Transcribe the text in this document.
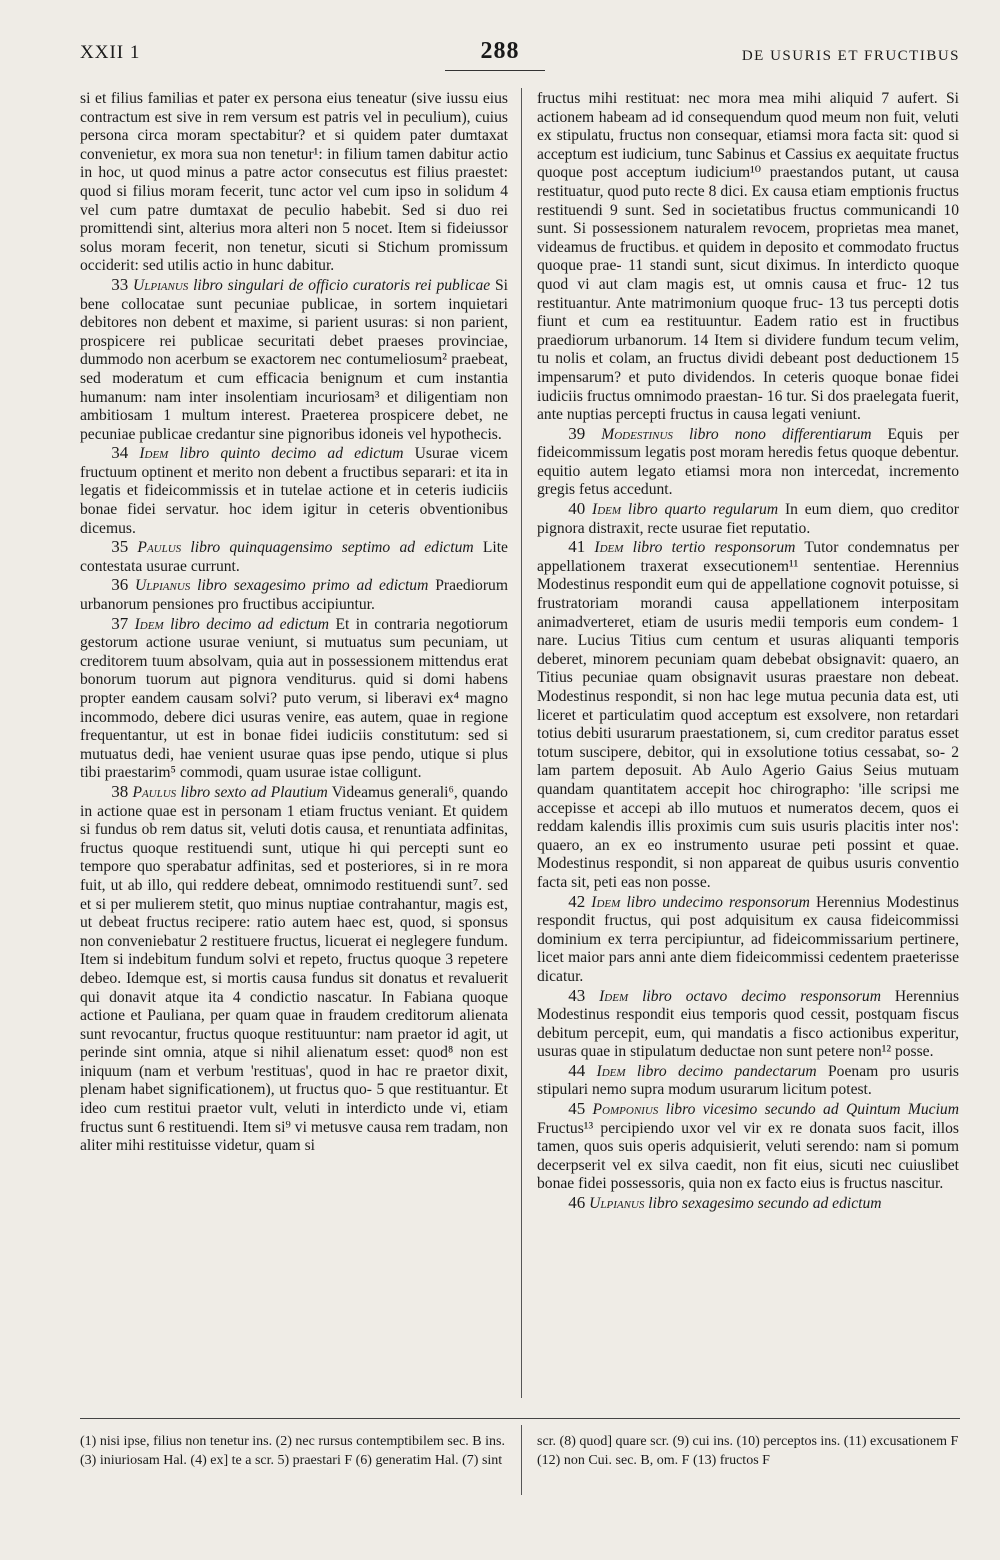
XXII 1	288	DE USURIS ET FRUCTIBUS

si et filius familias et pater ex persona eius teneatur (sive iussu eius contractum est sive in rem versum est patris vel in peculium), cuius persona circa moram spectabitur? et si quidem pater dumtaxat convenietur, ex mora sua non tenetur¹: in filium tamen dabitur actio in hoc, ut quod minus a patre actor consecutus est filius praestet: quod si filius moram fecerit, tunc actor vel cum ipso in solidum 4 vel cum patre dumtaxat de peculio habebit. Sed si duo rei promittendi sint, alterius mora alteri non 5 nocet. Item si fideiussor solus moram fecerit, non tenetur, sicuti si Stichum promissum occiderit: sed utilis actio in hunc dabitur.

33 Ulpianus libro singulari de officio curatoris rei publicae Si bene collocatae sunt pecuniae publicae, in sortem inquietari debitores non debent et maxime, si parient usuras: si non parient, prospicere rei publicae securitati debet praeses provinciae, dummodo non acerbum se exactorem nec contumeliosum² praebeat, sed moderatum et cum efficacia benignum et cum instantia humanum: nam inter insolentiam incuriosam³ et diligentiam non ambitiosam 1 multum interest. Praeterea prospicere debet, ne pecuniae publicae credantur sine pignoribus idoneis vel hypothecis.

34 Idem libro quinto decimo ad edictum Usurae vicem fructuum optinent et merito non debent a fructibus separari: et ita in legatis et fideicommissis et in tutelae actione et in ceteris iudiciis bonae fidei servatur. hoc idem igitur in ceteris obventionibus dicemus.

35 Paulus libro quinquagensimo septimo ad edictum Lite contestata usurae currunt.

36 Ulpianus libro sexagesimo primo ad edictum Praediorum urbanorum pensiones pro fructibus accipiuntur.

37 Idem libro decimo ad edictum Et in contraria negotiorum gestorum actione usurae veniunt, si mutuatus sum pecuniam, ut creditorem tuum absolvam, quia aut in possessionem mittendus erat bonorum tuorum aut pignora venditurus. quid si domi habens propter eandem causam solvi? puto verum, si liberavi ex⁴ magno incommodo, debere dici usuras venire, eas autem, quae in regione frequentantur, ut est in bonae fidei iudiciis constitutum: sed si mutuatus dedi, hae venient usurae quas ipse pendo, utique si plus tibi praestarim⁵ commodi, quam usurae istae colligunt.

38 Paulus libro sexto ad Plautium Videamus generali⁶, quando in actione quae est in personam 1 etiam fructus veniant. Et quidem si fundus ob rem datus sit, veluti dotis causa, et renuntiata adfinitas, fructus quoque restituendi sunt, utique hi qui percepti sunt eo tempore quo sperabatur adfinitas, sed et posteriores, si in re mora fuit, ut ab illo, qui reddere debeat, omnimodo restituendi sunt⁷. sed et si per mulierem stetit, quo minus nuptiae contrahantur, magis est, ut debeat fructus recipere: ratio autem haec est, quod, si sponsus non conveniebatur 2 restituere fructus, licuerat ei neglegere fundum. Item si indebitum fundum solvi et repeto, fructus quoque 3 repetere debeo. Idemque est, si mortis causa fundus sit donatus et revaluerit qui donavit atque ita 4 condictio nascatur. In Fabiana quoque actione et Pauliana, per quam quae in fraudem creditorum alienata sunt revocantur, fructus quoque restituuntur: nam praetor id agit, ut perinde sint omnia, atque si nihil alienatum esset: quod⁸ non est iniquum (nam et verbum 'restituas', quod in hac re praetor dixit, plenam habet significationem), ut fructus quo- 5 que restituantur. Et ideo cum restitui praetor vult, veluti in interdicto unde vi, etiam fructus sunt 6 restituendi. Item si⁹ vi metusve causa rem tradam, non aliter mihi restituisse videtur, quam si

fructus mihi restituat: nec mora mea mihi aliquid 7 aufert. Si actionem habeam ad id consequendum quod meum non fuit, veluti ex stipulatu, fructus non consequar, etiamsi mora facta sit: quod si acceptum est iudicium, tunc Sabinus et Cassius ex aequitate fructus quoque post acceptum iudicium¹⁰ praestandos putant, ut causa restituatur, quod puto recte 8 dici. Ex causa etiam emptionis fructus restituendi 9 sunt. Sed in societatibus fructus communicandi 10 sunt. Si possessionem naturalem revocem, proprietas mea manet, videamus de fructibus. et quidem in deposito et commodato fructus quoque prae- 11 standi sunt, sicut diximus. In interdicto quoque quod vi aut clam magis est, ut omnis causa et fruc- 12 tus restituantur. Ante matrimonium quoque fruc- 13 tus percepti dotis fiunt et cum ea restituuntur. Eadem ratio est in fructibus praediorum urbanorum. 14 Item si dividere fundum tecum velim, tu nolis et colam, an fructus dividi debeant post deductionem 15 impensarum? et puto dividendos. In ceteris quoque bonae fidei iudiciis fructus omnimodo praestan- 16 tur. Si dos praelegata fuerit, ante nuptias percepti fructus in causa legati veniunt.

39 Modestinus libro nono differentiarum Equis per fideicommissum legatis post moram heredis fetus quoque debentur. equitio autem legato etiamsi mora non intercedat, incremento gregis fetus accedunt.

40 Idem libro quarto regularum In eum diem, quo creditor pignora distraxit, recte usurae fiet reputatio.

41 Idem libro tertio responsorum Tutor condemnatus per appellationem traxerat exsecutionem¹¹ sententiae. Herennius Modestinus respondit eum qui de appellatione cognovit potuisse, si frustratoriam morandi causa appellationem interpositam animadverteret, etiam de usuris medii temporis eum condem- 1 nare. Lucius Titius cum centum et usuras aliquanti temporis deberet, minorem pecuniam quam debebat obsignavit: quaero, an Titius pecuniae quam obsignavit usuras praestare non debeat. Modestinus respondit, si non hac lege mutua pecunia data est, uti liceret et particulatim quod acceptum est exsolvere, non retardari totius debiti usurarum praestationem, si, cum creditor paratus esset totum suscipere, debitor, qui in exsolutione totius cessabat, so- 2 lam partem deposuit. Ab Aulo Agerio Gaius Seius mutuam quandam quantitatem accepit hoc chirographo: 'ille scripsi me accepisse et accepi ab illo mutuos et numeratos decem, quos ei reddam kalendis illis proximis cum suis usuris placitis inter nos': quaero, an ex eo instrumento usurae peti possint et quae. Modestinus respondit, si non appareat de quibus usuris conventio facta sit, peti eas non posse.

42 Idem libro undecimo responsorum Herennius Modestinus respondit fructus, qui post adquisitum ex causa fideicommissi dominium ex terra percipiuntur, ad fideicommissarium pertinere, licet maior pars anni ante diem fideicommissi cedentem praeterisse dicatur.

43 Idem libro octavo decimo responsorum Herennius Modestinus respondit eius temporis quod cessit, postquam fiscus debitum percepit, eum, qui mandatis a fisco actionibus experitur, usuras quae in stipulatum deductae non sunt petere non¹² posse.

44 Idem libro decimo pandectarum Poenam pro usuris stipulari nemo supra modum usurarum licitum potest.

45 Pomponius libro vicesimo secundo ad Quintum Mucium Fructus¹³ percipiendo uxor vel vir ex re donata suos facit, illos tamen, quos suis operis adquisierit, veluti serendo: nam si pomum decerpserit vel ex silva caedit, non fit eius, sicuti nec cuiuslibet bonae fidei possessoris, quia non ex facto eius is fructus nascitur.

46 Ulpianus libro sexagesimo secundo ad edictum

(1) nisi ipse, filius non tenetur ins. (2) nec rursus contemptibilem sec. B ins. (3) iniuriosam Hal. (4) ex] te a scr. 5) praestari F (6) generatim Hal. (7) sint
scr. (8) quod] quare scr. (9) cui ins. (10) perceptos ins. (11) excusationem F (12) non Cui. sec. B, om. F (13) fructos F
